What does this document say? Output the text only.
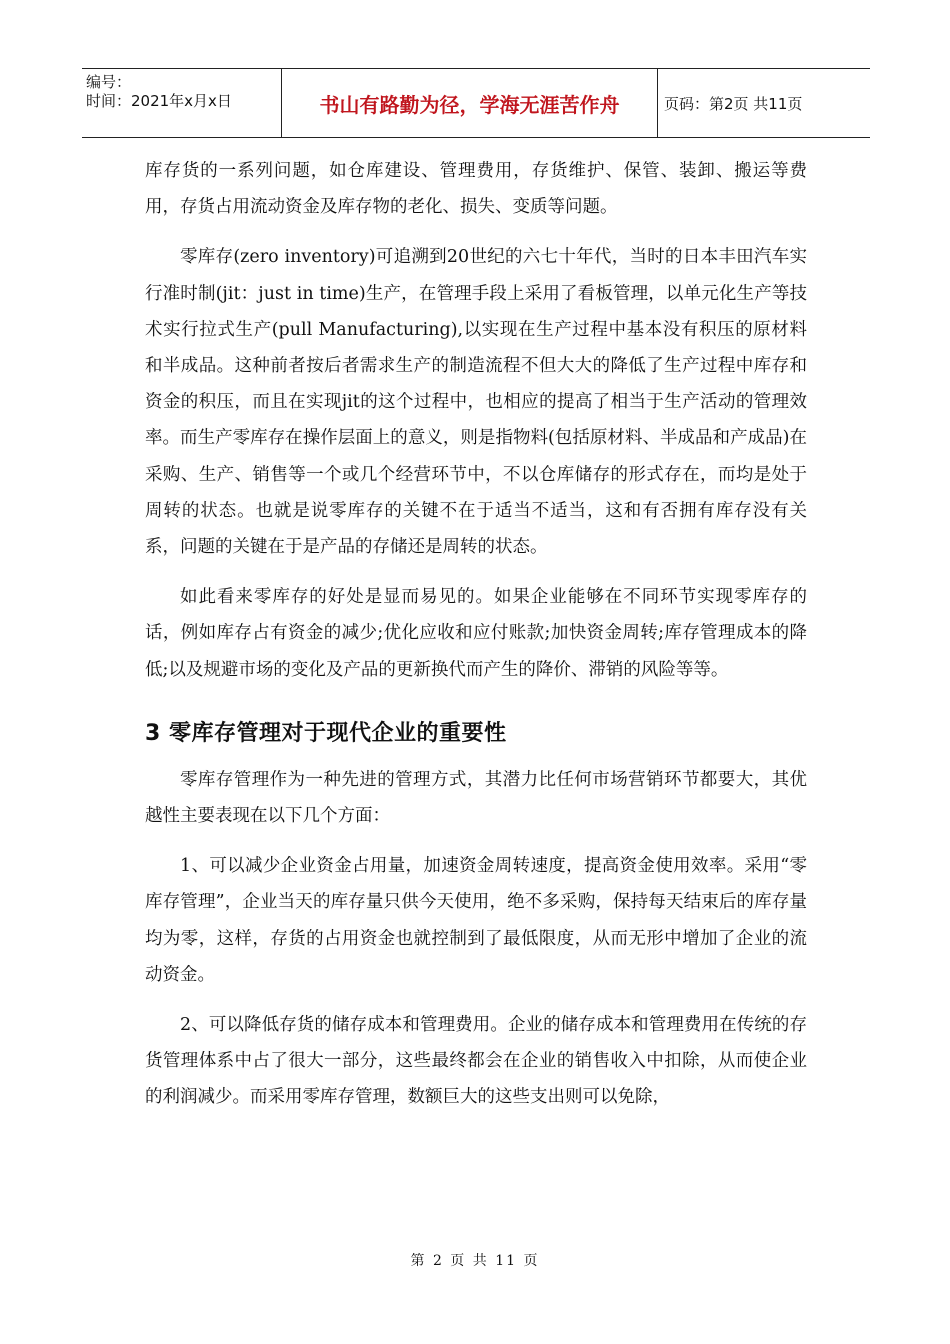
编号：
时间：2021年x月x日	书山有路勤为径，学海无涯苦作舟	页码：第2页 共11页

库存货的一系列问题，如仓库建设、管理费用，存货维护、保管、装卸、搬运等费用，存货占用流动资金及库存物的老化、损失、变质等问题。

零库存(zero inventory)可追溯到20世纪的六七十年代，当时的日本丰田汽车实行准时制(jit：just in time)生产，在管理手段上采用了看板管理，以单元化生产等技术实行拉式生产(pull Manufacturing),以实现在生产过程中基本没有积压的原材料和半成品。这种前者按后者需求生产的制造流程不但大大的降低了生产过程中库存和资金的积压，而且在实现jit的这个过程中，也相应的提高了相当于生产活动的管理效率。而生产零库存在操作层面上的意义，则是指物料(包括原材料、半成品和产成品)在采购、生产、销售等一个或几个经营环节中，不以仓库储存的形式存在，而均是处于周转的状态。也就是说零库存的关键不在于适当不适当，这和有否拥有库存没有关系，问题的关键在于是产品的存储还是周转的状态。

如此看来零库存的好处是显而易见的。如果企业能够在不同环节实现零库存的话，例如库存占有资金的减少;优化应收和应付账款;加快资金周转;库存管理成本的降低;以及规避市场的变化及产品的更新换代而产生的降价、滞销的风险等等。

3 零库存管理对于现代企业的重要性

零库存管理作为一种先进的管理方式，其潜力比任何市场营销环节都要大，其优越性主要表现在以下几个方面：

1、可以减少企业资金占用量，加速资金周转速度，提高资金使用效率。采用“零库存管理”，企业当天的库存量只供今天使用，绝不多采购，保持每天结束后的库存量均为零，这样，存货的占用资金也就控制到了最低限度，从而无形中增加了企业的流动资金。

2、可以降低存货的储存成本和管理费用。企业的储存成本和管理费用在传统的存货管理体系中占了很大一部分，这些最终都会在企业的销售收入中扣除，从而使企业的利润减少。而采用零库存管理，数额巨大的这些支出则可以免除，

第 2 页 共 11 页
